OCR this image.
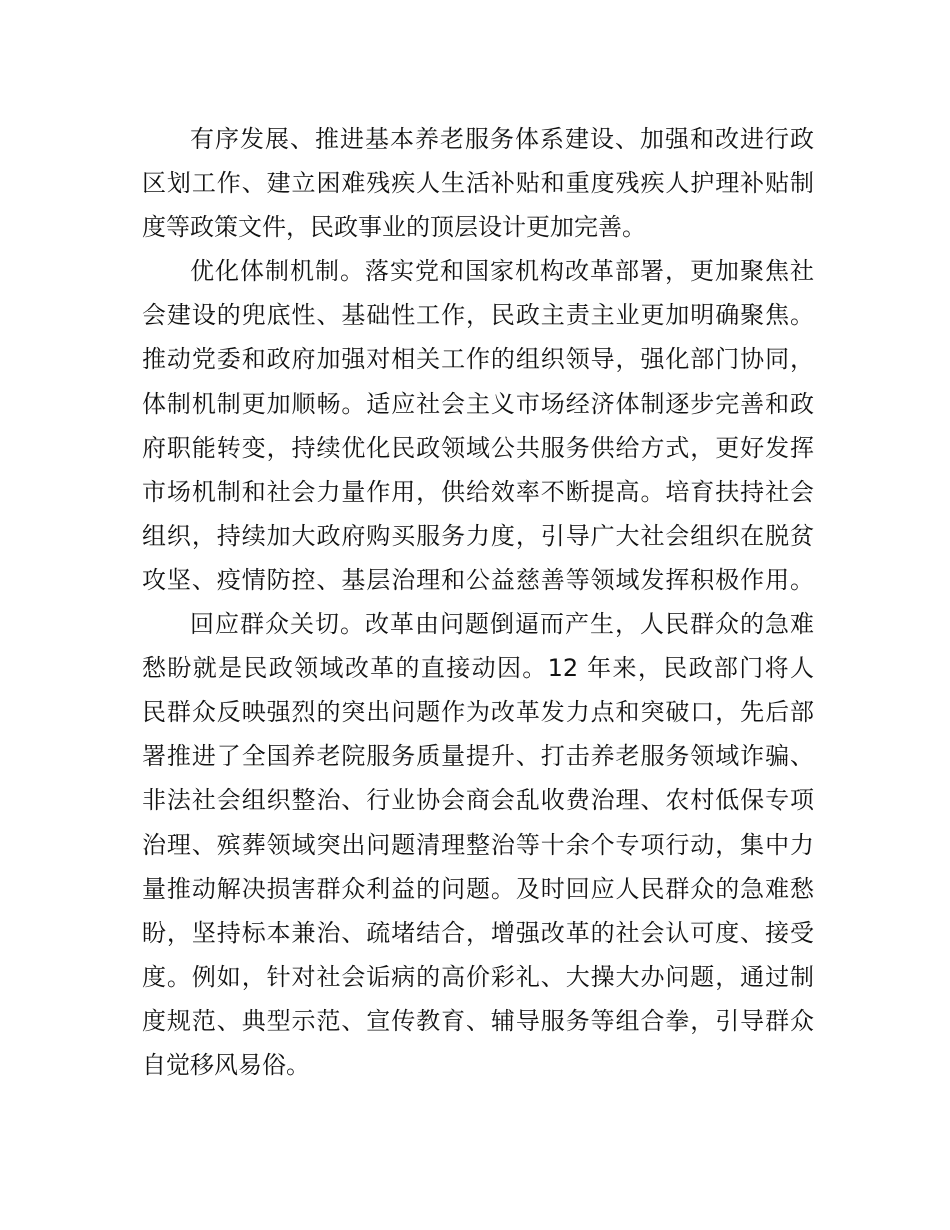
有序发展、推进基本养老服务体系建设、加强和改进行政
区划工作、建立困难残疾人生活补贴和重度残疾人护理补贴制
度等政策文件，民政事业的顶层设计更加完善。
优化体制机制。落实党和国家机构改革部署，更加聚焦社
会建设的兜底性、基础性工作，民政主责主业更加明确聚焦。
推动党委和政府加强对相关工作的组织领导，强化部门协同，
体制机制更加顺畅。适应社会主义市场经济体制逐步完善和政
府职能转变，持续优化民政领域公共服务供给方式，更好发挥
市场机制和社会力量作用，供给效率不断提高。培育扶持社会
组织，持续加大政府购买服务力度，引导广大社会组织在脱贫
攻坚、疫情防控、基层治理和公益慈善等领域发挥积极作用。
回应群众关切。改革由问题倒逼而产生，人民群众的急难
愁盼就是民政领域改革的直接动因。12 年来，民政部门将人
民群众反映强烈的突出问题作为改革发力点和突破口，先后部
署推进了全国养老院服务质量提升、打击养老服务领域诈骗、
非法社会组织整治、行业协会商会乱收费治理、农村低保专项
治理、殡葬领域突出问题清理整治等十余个专项行动，集中力
量推动解决损害群众利益的问题。及时回应人民群众的急难愁
盼，坚持标本兼治、疏堵结合，增强改革的社会认可度、接受
度。例如，针对社会诟病的高价彩礼、大操大办问题，通过制
度规范、典型示范、宣传教育、辅导服务等组合拳，引导群众
自觉移风易俗。
